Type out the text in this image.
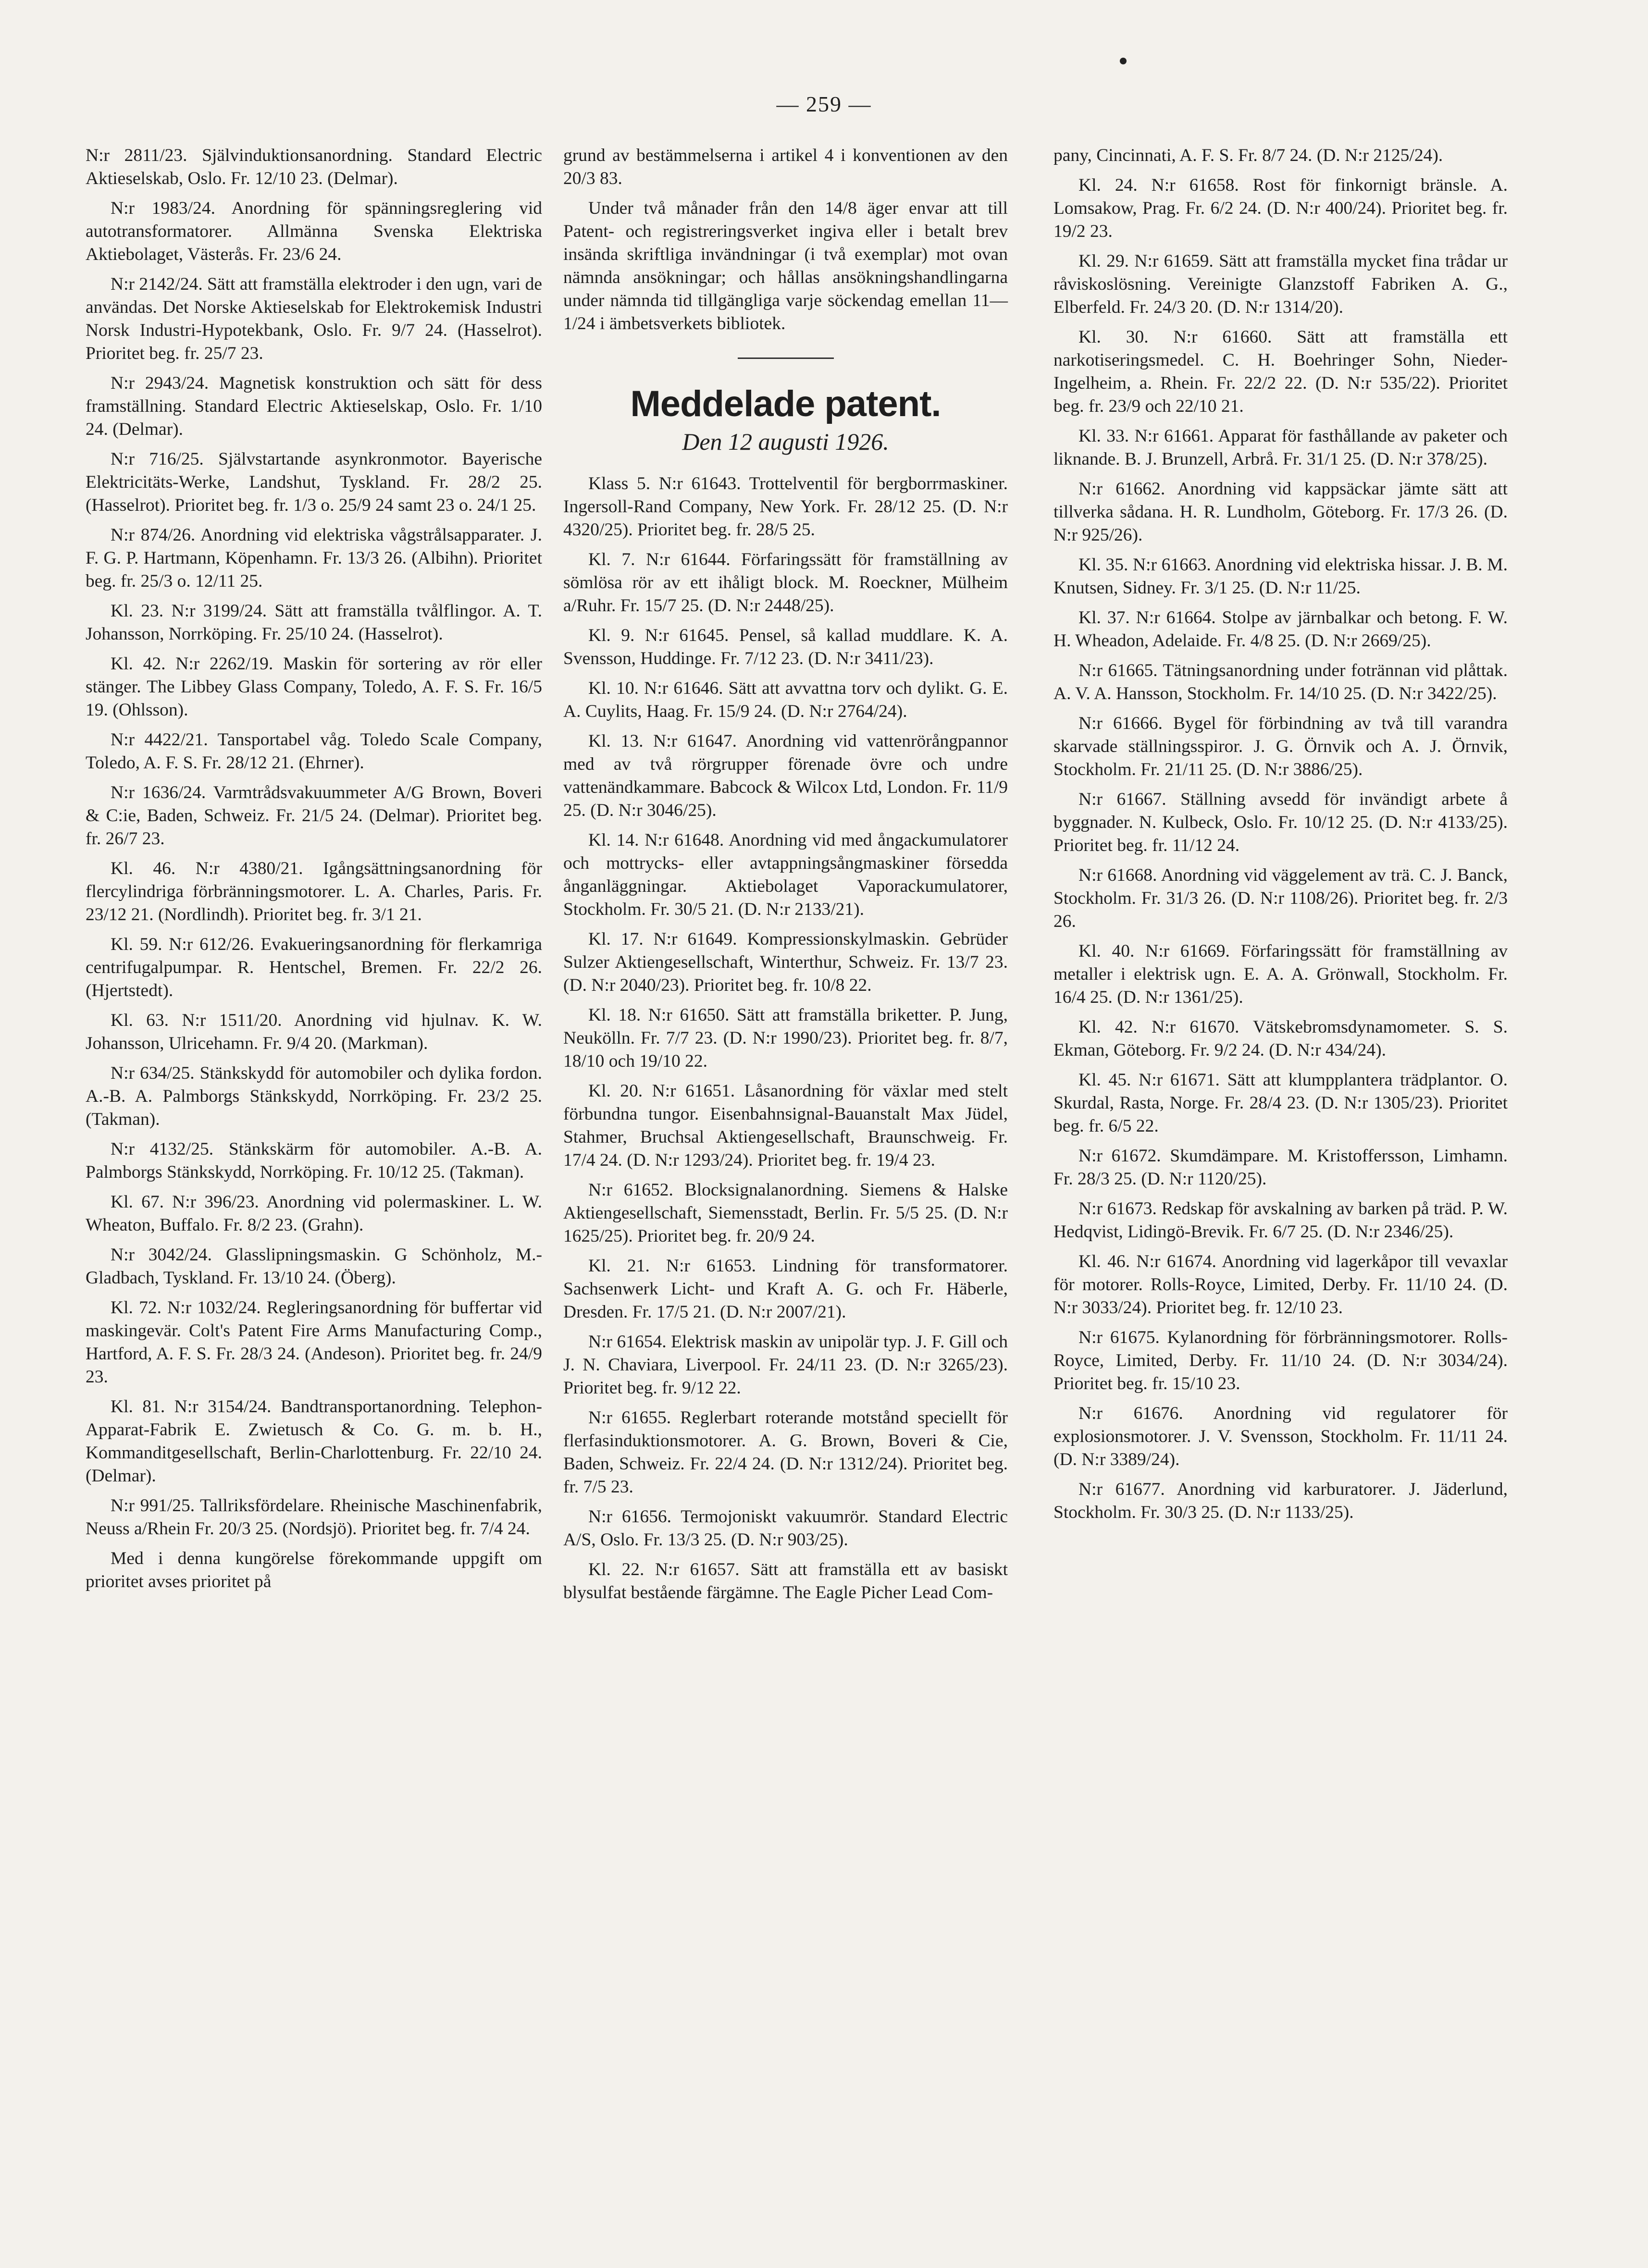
— 259 —

N:r 2811/23. Självinduktionsanordning. Standard Electric Aktieselskab, Oslo. Fr. 12/10 23. (Delmar).

N:r 1983/24. Anordning för spänningsreglering vid autotransformatorer. Allmänna Svenska Elektriska Aktiebolaget, Västerås. Fr. 23/6 24.

N:r 2142/24. Sätt att framställa elektroder i den ugn, vari de användas. Det Norske Aktieselskab for Elektrokemisk Industri Norsk Industri-Hypotekbank, Oslo. Fr. 9/7 24. (Hasselrot). Prioritet beg. fr. 25/7 23.

N:r 2943/24. Magnetisk konstruktion och sätt för dess framställning. Standard Electric Aktieselskap, Oslo. Fr. 1/10 24. (Delmar).

N:r 716/25. Självstartande asynkronmotor. Bayerische Elektricitäts-Werke, Landshut, Tyskland. Fr. 28/2 25. (Hasselrot). Prioritet beg. fr. 1/3 o. 25/9 24 samt 23 o. 24/1 25.

N:r 874/26. Anordning vid elektriska vågstrålsapparater. J. F. G. P. Hartmann, Köpenhamn. Fr. 13/3 26. (Albihn). Prioritet beg. fr. 25/3 o. 12/11 25.

Kl. 23. N:r 3199/24. Sätt att framställa tvålflingor. A. T. Johansson, Norrköping. Fr. 25/10 24. (Hasselrot).

Kl. 42. N:r 2262/19. Maskin för sortering av rör eller stänger. The Libbey Glass Company, Toledo, A. F. S. Fr. 16/5 19. (Ohlsson).

N:r 4422/21. Tansportabel våg. Toledo Scale Company, Toledo, A. F. S. Fr. 28/12 21. (Ehrner).

N:r 1636/24. Varmtrådsvakuummeter A/G Brown, Boveri & C:ie, Baden, Schweiz. Fr. 21/5 24. (Delmar). Prioritet beg. fr. 26/7 23.

Kl. 46. N:r 4380/21. Igångsättningsanordning för flercylindriga förbränningsmotorer. L. A. Charles, Paris. Fr. 23/12 21. (Nordlindh). Prioritet beg. fr. 3/1 21.

Kl. 59. N:r 612/26. Evakueringsanordning för flerkamriga centrifugalpumpar. R. Hentschel, Bremen. Fr. 22/2 26. (Hjertstedt).

Kl. 63. N:r 1511/20. Anordning vid hjulnav. K. W. Johansson, Ulricehamn. Fr. 9/4 20. (Markman).

N:r 634/25. Stänkskydd för automobiler och dylika fordon. A.-B. A. Palmborgs Stänkskydd, Norrköping. Fr. 23/2 25. (Takman).

N:r 4132/25. Stänkskärm för automobiler. A.-B. A. Palmborgs Stänkskydd, Norrköping. Fr. 10/12 25. (Takman).

Kl. 67. N:r 396/23. Anordning vid polermaskiner. L. W. Wheaton, Buffalo. Fr. 8/2 23. (Grahn).

N:r 3042/24. Glasslipningsmaskin. G Schönholz, M.-Gladbach, Tyskland. Fr. 13/10 24. (Öberg).

Kl. 72. N:r 1032/24. Regleringsanordning för buffertar vid maskingevär. Colt's Patent Fire Arms Manufacturing Comp., Hartford, A. F. S. Fr. 28/3 24. (Andeson). Prioritet beg. fr. 24/9 23.

Kl. 81. N:r 3154/24. Bandtransportanordning. Telephon-Apparat-Fabrik E. Zwietusch & Co. G. m. b. H., Kommanditgesellschaft, Berlin-Charlottenburg. Fr. 22/10 24. (Delmar).

N:r 991/25. Tallriksfördelare. Rheinische Maschinenfabrik, Neuss a/Rhein Fr. 20/3 25. (Nordsjö). Prioritet beg. fr. 7/4 24.

Med i denna kungörelse förekommande uppgift om prioritet avses prioritet på

grund av bestämmelserna i artikel 4 i konventionen av den 20/3 83.

Under två månader från den 14/8 äger envar att till Patent- och registreringsverket ingiva eller i betalt brev insända skriftliga invändningar (i två exemplar) mot ovan nämnda ansökningar; och hållas ansökningshandlingarna under nämnda tid tillgängliga varje söckendag emellan 11—1/24 i ämbetsverkets bibliotek.

Meddelade patent.
Den 12 augusti 1926.

Klass 5. N:r 61643. Trottelventil för bergborrmaskiner. Ingersoll-Rand Company, New York. Fr. 28/12 25. (D. N:r 4320/25). Prioritet beg. fr. 28/5 25.

Kl. 7. N:r 61644. Förfaringssätt för framställning av sömlösa rör av ett ihåligt block. M. Roeckner, Mülheim a/Ruhr. Fr. 15/7 25. (D. N:r 2448/25).

Kl. 9. N:r 61645. Pensel, så kallad muddlare. K. A. Svensson, Huddinge. Fr. 7/12 23. (D. N:r 3411/23).

Kl. 10. N:r 61646. Sätt att avvattna torv och dylikt. G. E. A. Cuylits, Haag. Fr. 15/9 24. (D. N:r 2764/24).

Kl. 13. N:r 61647. Anordning vid vattenrörångpannor med av två rörgrupper förenade övre och undre vattenändkammare. Babcock & Wilcox Ltd, London. Fr. 11/9 25. (D. N:r 3046/25).

Kl. 14. N:r 61648. Anordning vid med ångackumulatorer och mottrycks- eller avtappningsångmaskiner försedda ånganläggningar. Aktiebolaget Vaporackumulatorer, Stockholm. Fr. 30/5 21. (D. N:r 2133/21).

Kl. 17. N:r 61649. Kompressionskylmaskin. Gebrüder Sulzer Aktiengesellschaft, Winterthur, Schweiz. Fr. 13/7 23. (D. N:r 2040/23). Prioritet beg. fr. 10/8 22.

Kl. 18. N:r 61650. Sätt att framställa briketter. P. Jung, Neukölln. Fr. 7/7 23. (D. N:r 1990/23). Prioritet beg. fr. 8/7, 18/10 och 19/10 22.

Kl. 20. N:r 61651. Låsanordning för växlar med stelt förbundna tungor. Eisenbahnsignal-Bauanstalt Max Jüdel, Stahmer, Bruchsal Aktiengesellschaft, Braunschweig. Fr. 17/4 24. (D. N:r 1293/24). Prioritet beg. fr. 19/4 23.

N:r 61652. Blocksignalanordning. Siemens & Halske Aktiengesellschaft, Siemensstadt, Berlin. Fr. 5/5 25. (D. N:r 1625/25). Prioritet beg. fr. 20/9 24.

Kl. 21. N:r 61653. Lindning för transformatorer. Sachsenwerk Licht- und Kraft A. G. och Fr. Häberle, Dresden. Fr. 17/5 21. (D. N:r 2007/21).

N:r 61654. Elektrisk maskin av unipolär typ. J. F. Gill och J. N. Chaviara, Liverpool. Fr. 24/11 23. (D. N:r 3265/23). Prioritet beg. fr. 9/12 22.

N:r 61655. Reglerbart roterande motstånd speciellt för flerfasinduktionsmotorer. A. G. Brown, Boveri & Cie, Baden, Schweiz. Fr. 22/4 24. (D. N:r 1312/24). Prioritet beg. fr. 7/5 23.

N:r 61656. Termojoniskt vakuumrör. Standard Electric A/S, Oslo. Fr. 13/3 25. (D. N:r 903/25).

Kl. 22. N:r 61657. Sätt att framställa ett av basiskt blysulfat bestående färgämne. The Eagle Picher Lead Com-

pany, Cincinnati, A. F. S. Fr. 8/7 24. (D. N:r 2125/24).

Kl. 24. N:r 61658. Rost för finkornigt bränsle. A. Lomsakow, Prag. Fr. 6/2 24. (D. N:r 400/24). Prioritet beg. fr. 19/2 23.

Kl. 29. N:r 61659. Sätt att framställa mycket fina trådar ur råviskoslösning. Vereinigte Glanzstoff Fabriken A. G., Elberfeld. Fr. 24/3 20. (D. N:r 1314/20).

Kl. 30. N:r 61660. Sätt att framställa ett narkotiseringsmedel. C. H. Boehringer Sohn, Nieder-Ingelheim, a. Rhein. Fr. 22/2 22. (D. N:r 535/22). Prioritet beg. fr. 23/9 och 22/10 21.

Kl. 33. N:r 61661. Apparat för fasthållande av paketer och liknande. B. J. Brunzell, Arbrå. Fr. 31/1 25. (D. N:r 378/25).

N:r 61662. Anordning vid kappsäckar jämte sätt att tillverka sådana. H. R. Lundholm, Göteborg. Fr. 17/3 26. (D. N:r 925/26).

Kl. 35. N:r 61663. Anordning vid elektriska hissar. J. B. M. Knutsen, Sidney. Fr. 3/1 25. (D. N:r 11/25.

Kl. 37. N:r 61664. Stolpe av järnbalkar och betong. F. W. H. Wheadon, Adelaide. Fr. 4/8 25. (D. N:r 2669/25).

N:r 61665. Tätningsanordning under fotrännan vid plåttak. A. V. A. Hansson, Stockholm. Fr. 14/10 25. (D. N:r 3422/25).

N:r 61666. Bygel för förbindning av två till varandra skarvade ställningsspiror. J. G. Örnvik och A. J. Örnvik, Stockholm. Fr. 21/11 25. (D. N:r 3886/25).

N:r 61667. Ställning avsedd för invändigt arbete å byggnader. N. Kulbeck, Oslo. Fr. 10/12 25. (D. N:r 4133/25). Prioritet beg. fr. 11/12 24.

N:r 61668. Anordning vid väggelement av trä. C. J. Banck, Stockholm. Fr. 31/3 26. (D. N:r 1108/26). Prioritet beg. fr. 2/3 26.

Kl. 40. N:r 61669. Förfaringssätt för framställning av metaller i elektrisk ugn. E. A. A. Grönwall, Stockholm. Fr. 16/4 25. (D. N:r 1361/25).

Kl. 42. N:r 61670. Vätskebromsdynamometer. S. S. Ekman, Göteborg. Fr. 9/2 24. (D. N:r 434/24).

Kl. 45. N:r 61671. Sätt att klumpplantera trädplantor. O. Skurdal, Rasta, Norge. Fr. 28/4 23. (D. N:r 1305/23). Prioritet beg. fr. 6/5 22.

N:r 61672. Skumdämpare. M. Kristoffersson, Limhamn. Fr. 28/3 25. (D. N:r 1120/25).

N:r 61673. Redskap för avskalning av barken på träd. P. W. Hedqvist, Lidingö-Brevik. Fr. 6/7 25. (D. N:r 2346/25).

Kl. 46. N:r 61674. Anordning vid lagerkåpor till vevaxlar för motorer. Rolls-Royce, Limited, Derby. Fr. 11/10 24. (D. N:r 3033/24). Prioritet beg. fr. 12/10 23.

N:r 61675. Kylanordning för förbränningsmotorer. Rolls-Royce, Limited, Derby. Fr. 11/10 24. (D. N:r 3034/24). Prioritet beg. fr. 15/10 23.

N:r 61676. Anordning vid regulatorer för explosionsmotorer. J. V. Svensson, Stockholm. Fr. 11/11 24. (D. N:r 3389/24).

N:r 61677. Anordning vid karburatorer. J. Jäderlund, Stockholm. Fr. 30/3 25. (D. N:r 1133/25).
